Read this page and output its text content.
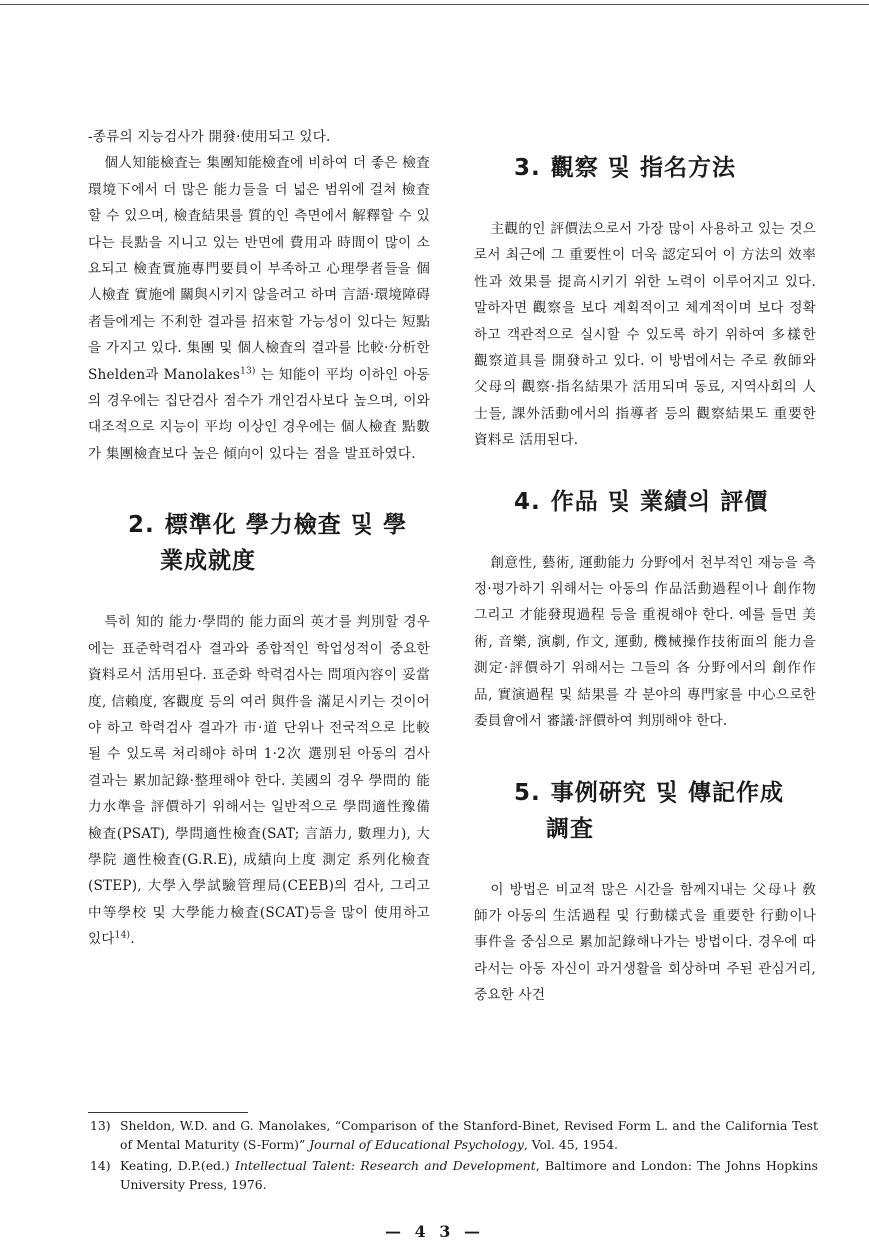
-종류의 지능검사가 開發·使用되고 있다.

個人知能檢査는 集團知能檢査에 비하여 더 좋은 檢査環境下에서 더 많은 能力들을 더 넓은 범위에 걸쳐 檢査할 수 있으며, 檢査結果를 質的인 측면에서 解釋할 수 있다는 長點을 지니고 있는 반면에 費用과 時間이 많이 소요되고 檢査實施專門要員이 부족하고 心理學者들을 個人檢査 實施에 關與시키지 않을려고 하며 言語·環境障碍者들에게는 不利한 결과를 招來할 가능성이 있다는 短點을 가지고 있다. 集團 및 個人檢査의 결과를 比較·分析한 Shelden과 Manolakes$^{13)}$ 는 知能이 平均 이하인 아동의 경우에는 집단검사 점수가 개인검사보다 높으며, 이와 대조적으로 지능이 平均 이상인 경우에는 個人檢査 點數가 集團檢査보다 높은 傾向이 있다는 점을 발표하였다.

2. 標準化 學力檢査 및 學
業成就度

특히 知的 能力·學問的 能力面의 英才를 判別할 경우에는 표준학력검사 결과와 종합적인 학업성적이 중요한 資料로서 活用된다. 표준화 학력검사는 問項內容이 妥當度, 信賴度, 客觀度 등의 여러 與件을 滿足시키는 것이어야 하고 학력검사 결과가 市·道 단위나 전국적으로 比較될 수 있도록 처리해야 하며 1·2次 選別된 아동의 검사 결과는 累加記錄·整理해야 한다. 美國의 경우 學問的 能力水準을 評價하기 위해서는 일반적으로 學問適性豫備檢査(PSAT), 學問適性檢査(SAT; 言語力, 數理力), 大學院 適性檢査(G.R.E), 成績向上度 測定 系列化檢査(STEP), 大學入學試驗管理局(CEEB)의 검사, 그리고 中等學校 및 大學能力檢査(SCAT)등을 많이 使用하고 있다$^{14)}$.

3. 觀察 및 指名方法

主觀的인 評價法으로서 가장 많이 사용하고 있는 것으로서 최근에 그 重要性이 더욱 認定되어 이 方法의 效率性과 效果를 提高시키기 위한 노력이 이루어지고 있다. 말하자면 觀察을 보다 계획적이고 체계적이며 보다 정확하고 객관적으로 실시할 수 있도록 하기 위하여 多樣한 觀察道具를 開發하고 있다. 이 방법에서는 주로 敎師와 父母의 觀察·指名結果가 活用되며 동료, 지역사회의 人士들, 課外活動에서의 指導者 등의 觀察結果도 重要한 資料로 活用된다.

4. 作品 및 業績의 評價

創意性, 藝術, 運動能力 分野에서 천부적인 재능을 측정·평가하기 위해서는 아동의 作品活動過程이나 創作物 그리고 才能發現過程 등을 重視해야 한다. 예를 들면 美術, 音樂, 演劇, 作文, 運動, 機械操作技術面의 能力을 測定·評價하기 위해서는 그들의 各 分野에서의 創作作品, 實演過程 및 結果를 각 분야의 專門家를 中心으로한 委員會에서 審議·評價하여 判別해야 한다.

5. 事例硏究 및 傳記作成
調査

이 방법은 비교적 많은 시간을 함께지내는 父母나 敎師가 아동의 生活過程 및 行動樣式을 重要한 行動이나 事件을 중심으로 累加記錄해나가는 방법이다. 경우에 따라서는 아동 자신이 과거생활을 회상하며 주된 관심거리, 중요한 사건

13) Sheldon, W.D. and G. Manolakes, “Comparison of the Stanford-Binet, Revised Form L. and the California Test of Mental Maturity (S-Form)” Journal of Educational Psychology, Vol. 45, 1954.

14) Keating, D.P.(ed.) Intellectual Talent: Research and Development, Baltimore and London: The Johns Hopkins University Press, 1976.

— 4 3 —
